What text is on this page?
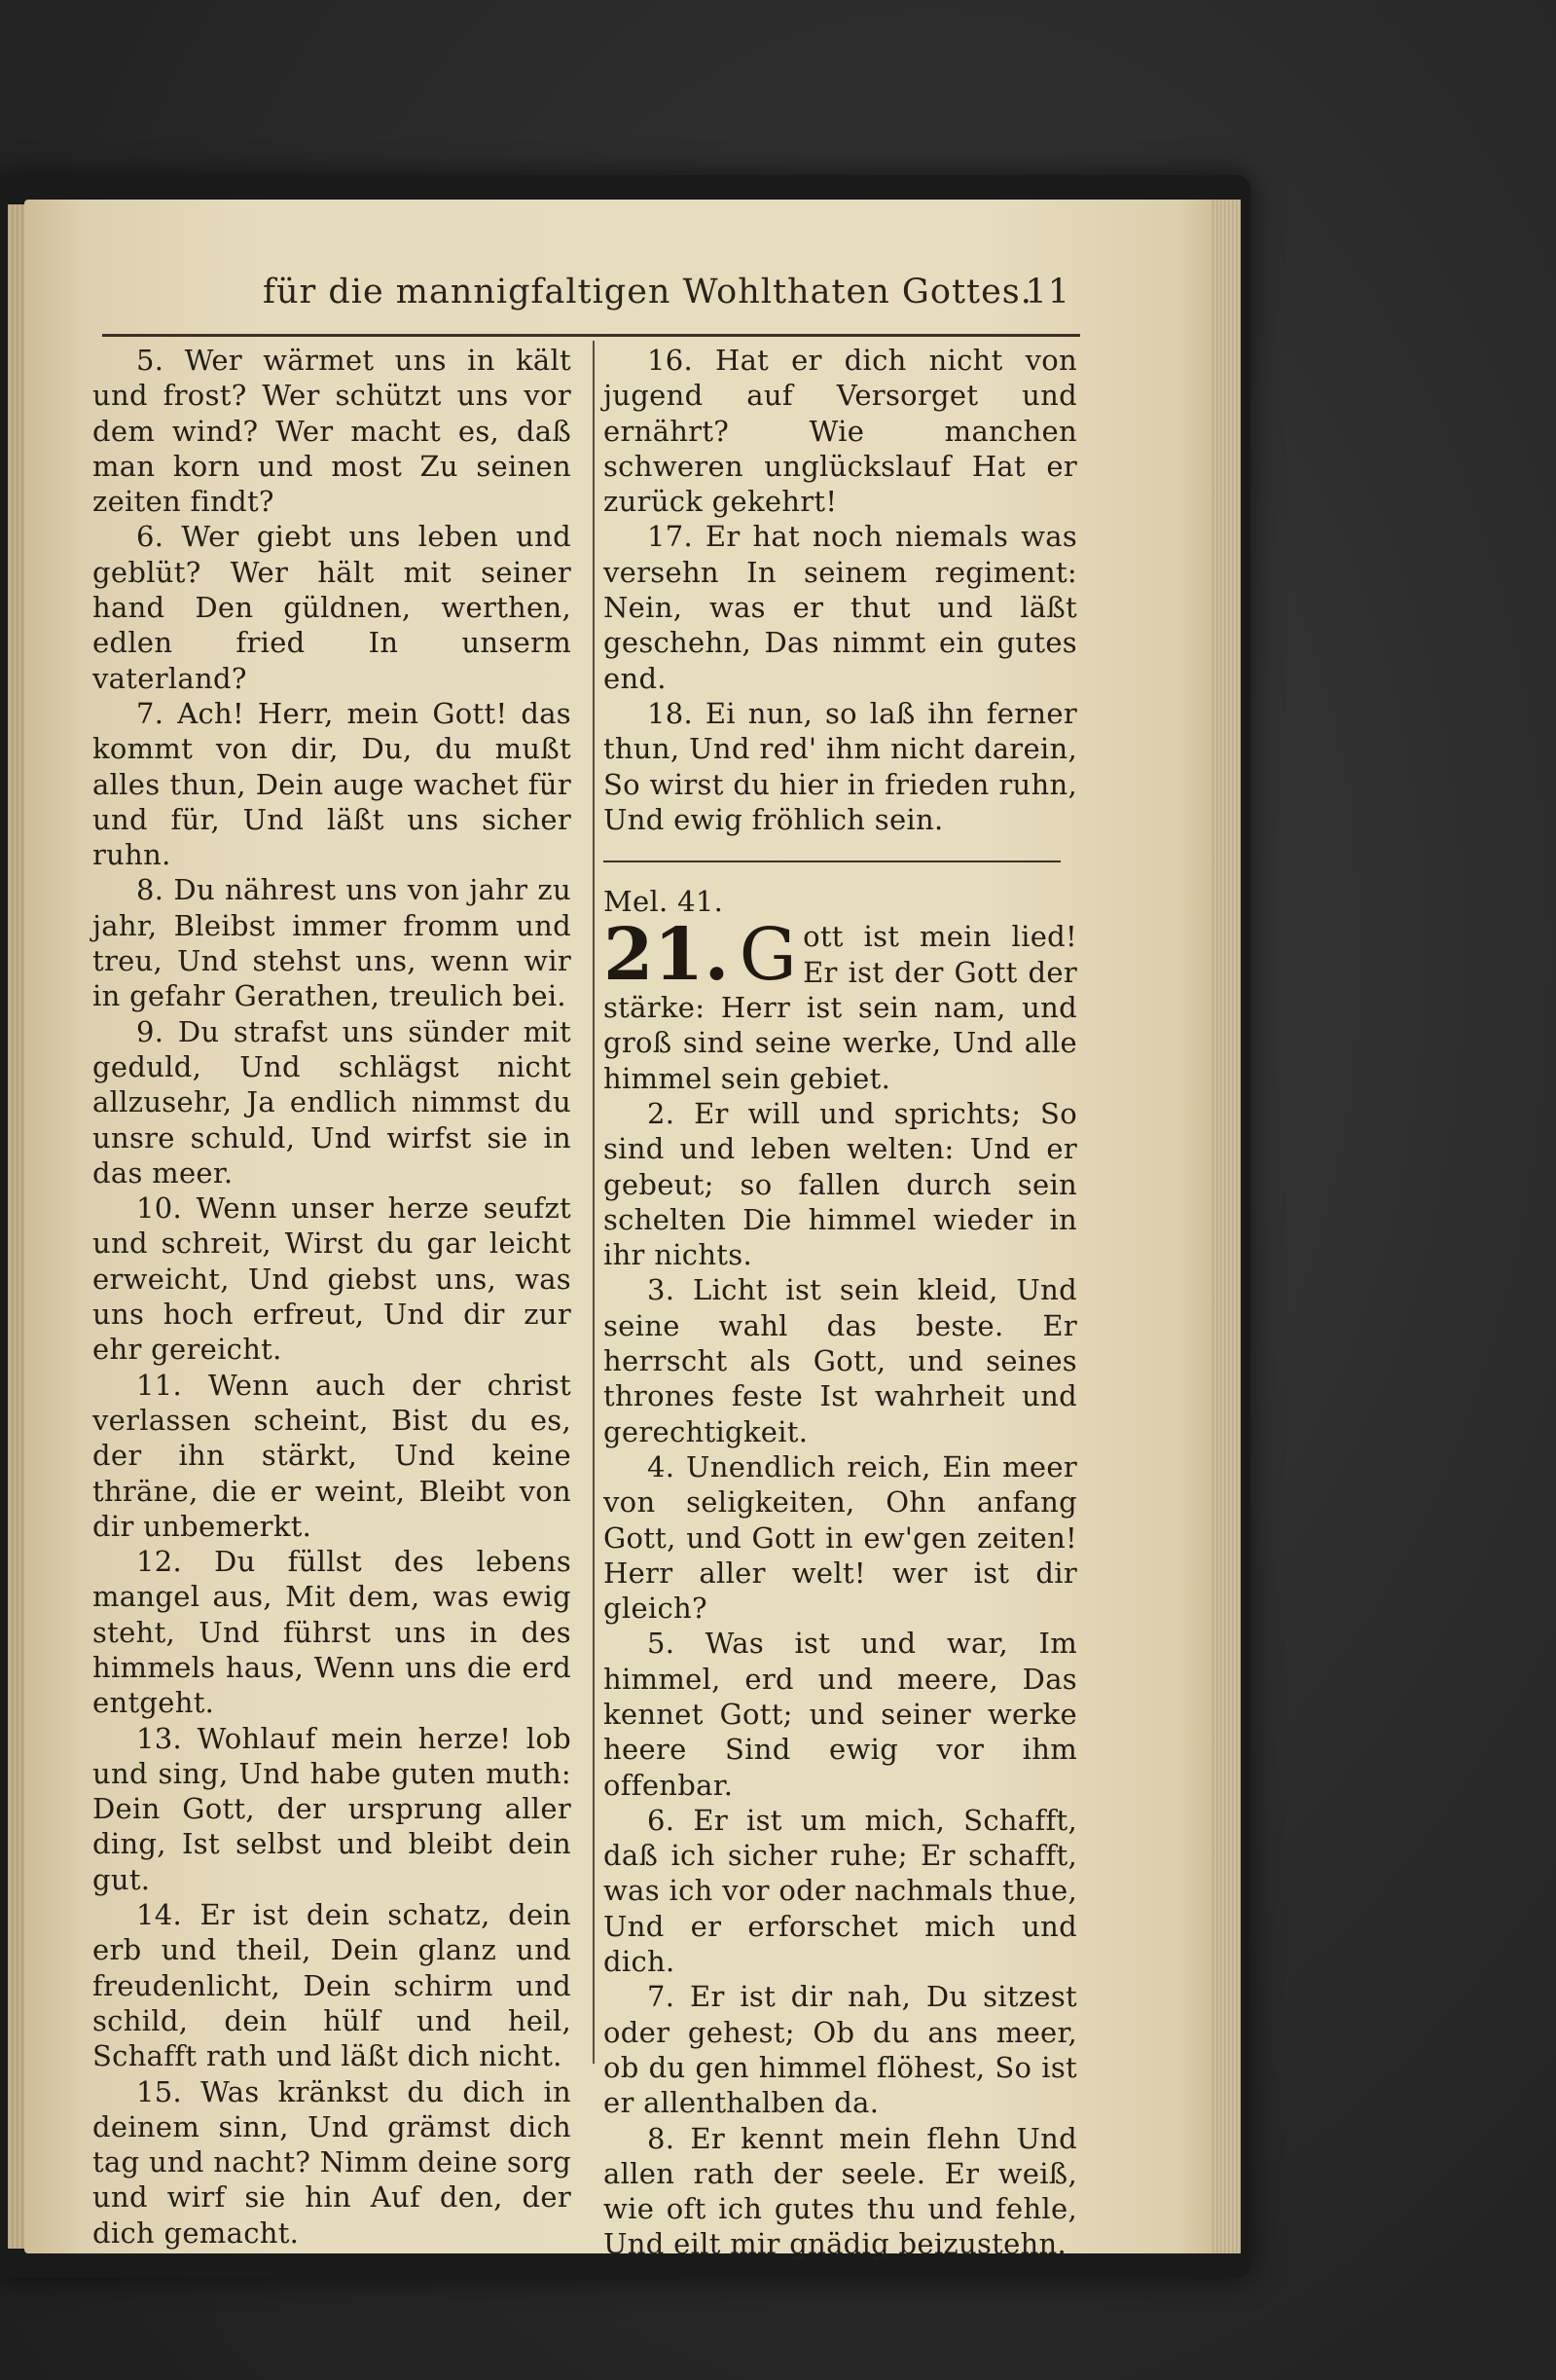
für die mannigfaltigen Wohlthaten Gottes.
11

5. Wer wärmet uns in kält und frost? Wer schützt uns vor dem wind? Wer macht es, daß man korn und most Zu seinen zeiten findt?

6. Wer giebt uns leben und geblüt? Wer hält mit seiner hand Den güldnen, werthen, edlen fried In unserm vaterland?

7. Ach! Herr, mein Gott! das kommt von dir, Du, du mußt alles thun, Dein auge wachet für und für, Und läßt uns sicher ruhn.

8. Du nährest uns von jahr zu jahr, Bleibst immer fromm und treu, Und stehst uns, wenn wir in gefahr Gerathen, treulich bei.

9. Du strafst uns sünder mit geduld, Und schlägst nicht allzusehr, Ja endlich nimmst du unsre schuld, Und wirfst sie in das meer.

10. Wenn unser herze seufzt und schreit, Wirst du gar leicht erweicht, Und giebst uns, was uns hoch erfreut, Und dir zur ehr gereicht.

11. Wenn auch der christ verlassen scheint, Bist du es, der ihn stärkt, Und keine thräne, die er weint, Bleibt von dir unbemerkt.

12. Du füllst des lebens mangel aus, Mit dem, was ewig steht, Und führst uns in des himmels haus, Wenn uns die erd entgeht.

13. Wohlauf mein herze! lob und sing, Und habe guten muth: Dein Gott, der ursprung aller ding, Ist selbst und bleibt dein gut.

14. Er ist dein schatz, dein erb und theil, Dein glanz und freudenlicht, Dein schirm und schild, dein hülf und heil, Schafft rath und läßt dich nicht.

15. Was kränkst du dich in deinem sinn, Und grämst dich tag und nacht? Nimm deine sorg und wirf sie hin Auf den, der dich gemacht.

16. Hat er dich nicht von jugend auf Versorget und ernährt? Wie manchen schweren unglückslauf Hat er zurück gekehrt!

17. Er hat noch niemals was versehn In seinem regiment: Nein, was er thut und läßt geschehn, Das nimmt ein gutes end.

18. Ei nun, so laß ihn ferner thun, Und red' ihm nicht darein, So wirst du hier in frieden ruhn, Und ewig fröhlich sein.

Mel. 41.

21. G ott ist mein lied! Er ist der Gott der stärke: Herr ist sein nam, und groß sind seine werke, Und alle himmel sein gebiet.

2. Er will und sprichts; So sind und leben welten: Und er gebeut; so fallen durch sein schelten Die himmel wieder in ihr nichts.

3. Licht ist sein kleid, Und seine wahl das beste. Er herrscht als Gott, und seines thrones feste Ist wahrheit und gerechtigkeit.

4. Unendlich reich, Ein meer von seligkeiten, Ohn anfang Gott, und Gott in ew'gen zeiten! Herr aller welt! wer ist dir gleich?

5. Was ist und war, Im himmel, erd und meere, Das kennet Gott; und seiner werke heere Sind ewig vor ihm offenbar.

6. Er ist um mich, Schafft, daß ich sicher ruhe; Er schafft, was ich vor oder nachmals thue, Und er erforschet mich und dich.

7. Er ist dir nah, Du sitzest oder gehest; Ob du ans meer, ob du gen himmel flöhest, So ist er allenthalben da.

8. Er kennt mein flehn Und allen rath der seele. Er weiß, wie oft ich gutes thu und fehle, Und eilt mir gnädig beizustehn.
